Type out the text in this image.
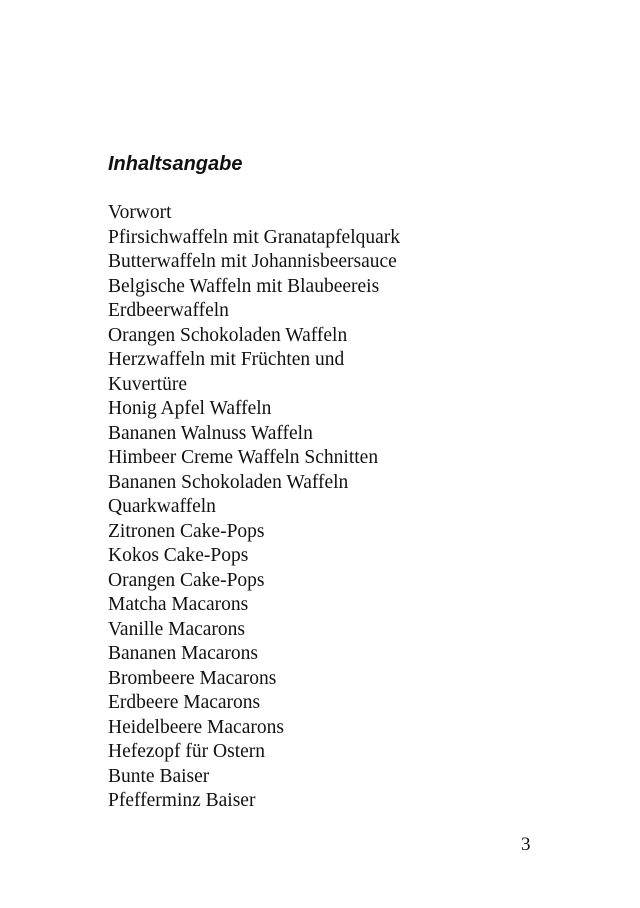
Inhaltsangabe
Vorwort
Pfirsichwaffeln mit Granatapfelquark
Butterwaffeln mit Johannisbeersauce
Belgische Waffeln mit Blaubeereis
Erdbeerwaffeln
Orangen Schokoladen Waffeln
Herzwaffeln mit Früchten und
Kuvertüre
Honig Apfel Waffeln
Bananen Walnuss Waffeln
Himbeer Creme Waffeln Schnitten
Bananen Schokoladen Waffeln
Quarkwaffeln
Zitronen Cake-Pops
Kokos Cake-Pops
Orangen Cake-Pops
Matcha Macarons
Vanille Macarons
Bananen Macarons
Brombeere Macarons
Erdbeere Macarons
Heidelbeere Macarons
Hefezopf für Ostern
Bunte Baiser
Pfefferminz Baiser
3
